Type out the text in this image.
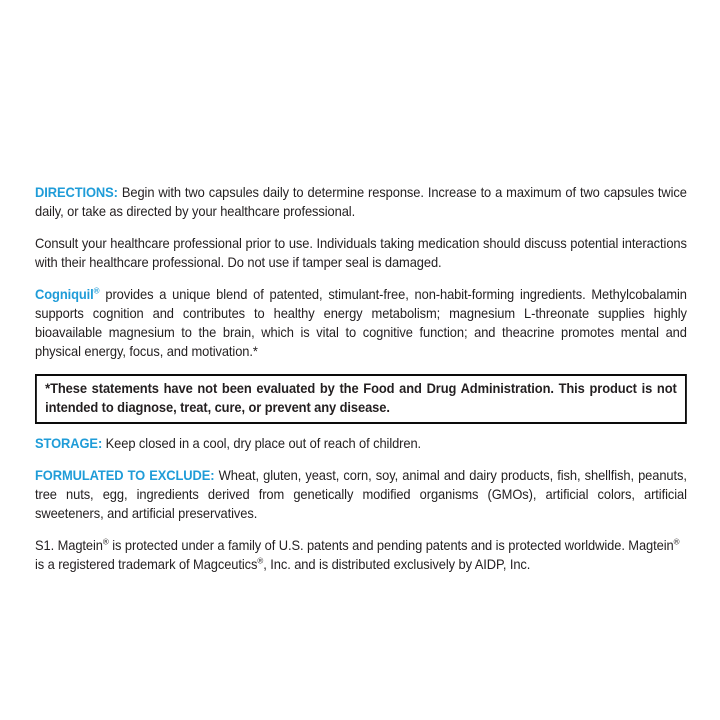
DIRECTIONS: Begin with two capsules daily to determine response. Increase to a maximum of two capsules twice daily, or take as directed by your healthcare professional.

Consult your healthcare professional prior to use. Individuals taking medication should discuss potential interactions with their healthcare professional. Do not use if tamper seal is damaged.

Cogniquil® provides a unique blend of patented, stimulant-free, non-habit-forming ingredients. Methylcobalamin supports cognition and contributes to healthy energy metabolism; magnesium L-threonate supplies highly bioavailable magnesium to the brain, which is vital to cognitive function; and theacrine promotes mental and physical energy, focus, and motivation.*

*These statements have not been evaluated by the Food and Drug Administration. This product is not intended to diagnose, treat, cure, or prevent any disease.

STORAGE: Keep closed in a cool, dry place out of reach of children.

FORMULATED TO EXCLUDE: Wheat, gluten, yeast, corn, soy, animal and dairy products, fish, shellfish, peanuts, tree nuts, egg, ingredients derived from genetically modified organisms (GMOs), artificial colors, artificial sweeteners, and artificial preservatives.

S1. Magtein® is protected under a family of U.S. patents and pending patents and is protected worldwide. Magtein® is a registered trademark of Magceutics®, Inc. and is distributed exclusively by AIDP, Inc.
